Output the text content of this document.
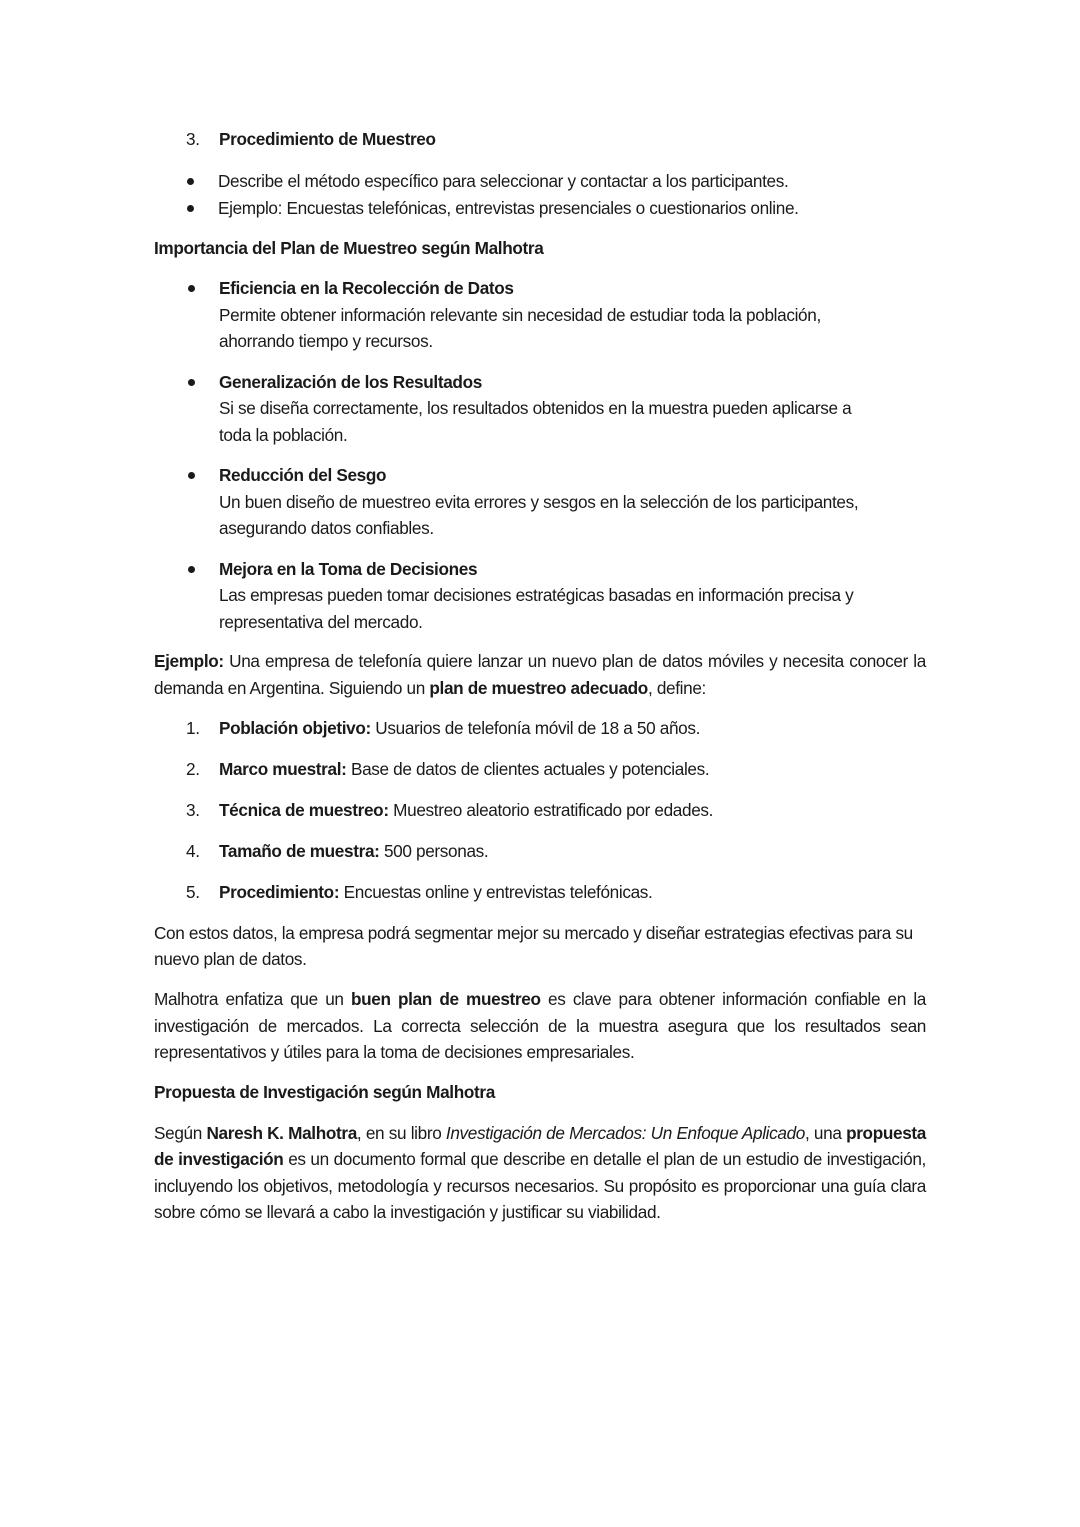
3. Procedimiento de Muestreo
Describe el método específico para seleccionar y contactar a los participantes.
Ejemplo: Encuestas telefónicas, entrevistas presenciales o cuestionarios online.
Importancia del Plan de Muestreo según Malhotra
Eficiencia en la Recolección de Datos
Permite obtener información relevante sin necesidad de estudiar toda la población,
ahorrando tiempo y recursos.
Generalización de los Resultados
Si se diseña correctamente, los resultados obtenidos en la muestra pueden aplicarse a
toda la población.
Reducción del Sesgo
Un buen diseño de muestreo evita errores y sesgos en la selección de los participantes,
asegurando datos confiables.
Mejora en la Toma de Decisiones
Las empresas pueden tomar decisiones estratégicas basadas en información precisa y
representativa del mercado.

Ejemplo: Una empresa de telefonía quiere lanzar un nuevo plan de datos móviles y necesita conocer la demanda en Argentina. Siguiendo un plan de muestreo adecuado, define:

1. Población objetivo: Usuarios de telefonía móvil de 18 a 50 años.
2. Marco muestral: Base de datos de clientes actuales y potenciales.
3. Técnica de muestreo: Muestreo aleatorio estratificado por edades.
4. Tamaño de muestra: 500 personas.
5. Procedimiento: Encuestas online y entrevistas telefónicas.

Con estos datos, la empresa podrá segmentar mejor su mercado y diseñar estrategias efectivas para su nuevo plan de datos.

Malhotra enfatiza que un buen plan de muestreo es clave para obtener información confiable en la investigación de mercados. La correcta selección de la muestra asegura que los resultados sean representativos y útiles para la toma de decisiones empresariales.

Propuesta de Investigación según Malhotra

Según Naresh K. Malhotra, en su libro Investigación de Mercados: Un Enfoque Aplicado, una propuesta de investigación es un documento formal que describe en detalle el plan de un estudio de investigación, incluyendo los objetivos, metodología y recursos necesarios. Su propósito es proporcionar una guía clara sobre cómo se llevará a cabo la investigación y justificar su viabilidad.
